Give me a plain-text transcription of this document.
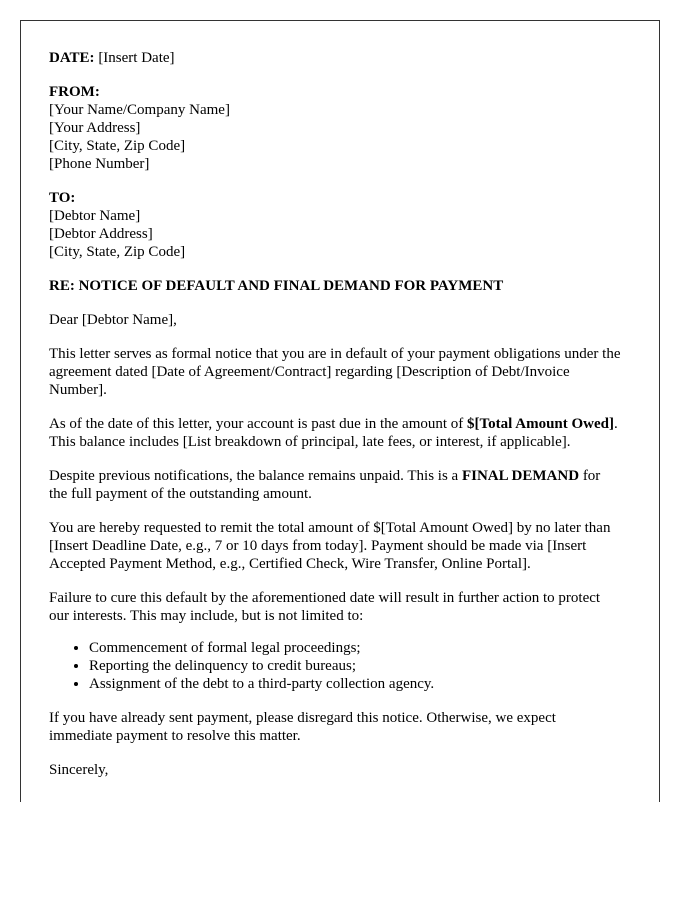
DATE: [Insert Date]

FROM:
[Your Name/Company Name]
[Your Address]
[City, State, Zip Code]
[Phone Number]
TO:
[Debtor Name]
[Debtor Address]
[City, State, Zip Code]

RE: NOTICE OF DEFAULT AND FINAL DEMAND FOR PAYMENT

Dear [Debtor Name],

This letter serves as formal notice that you are in default of your payment obligations under the agreement dated [Date of Agreement/Contract] regarding [Description of Debt/Invoice Number].

As of the date of this letter, your account is past due in the amount of $[Total Amount Owed]. This balance includes [List breakdown of principal, late fees, or interest, if applicable].

Despite previous notifications, the balance remains unpaid. This is a FINAL DEMAND for the full payment of the outstanding amount.

You are hereby requested to remit the total amount of $[Total Amount Owed] by no later than [Insert Deadline Date, e.g., 7 or 10 days from today]. Payment should be made via [Insert Accepted Payment Method, e.g., Certified Check, Wire Transfer, Online Portal].

Failure to cure this default by the aforementioned date will result in further action to protect our interests. This may include, but is not limited to:

• Commencement of formal legal proceedings;
• Reporting the delinquency to credit bureaus;
• Assignment of the debt to a third-party collection agency.

If you have already sent payment, please disregard this notice. Otherwise, we expect immediate payment to resolve this matter.

Sincerely,
